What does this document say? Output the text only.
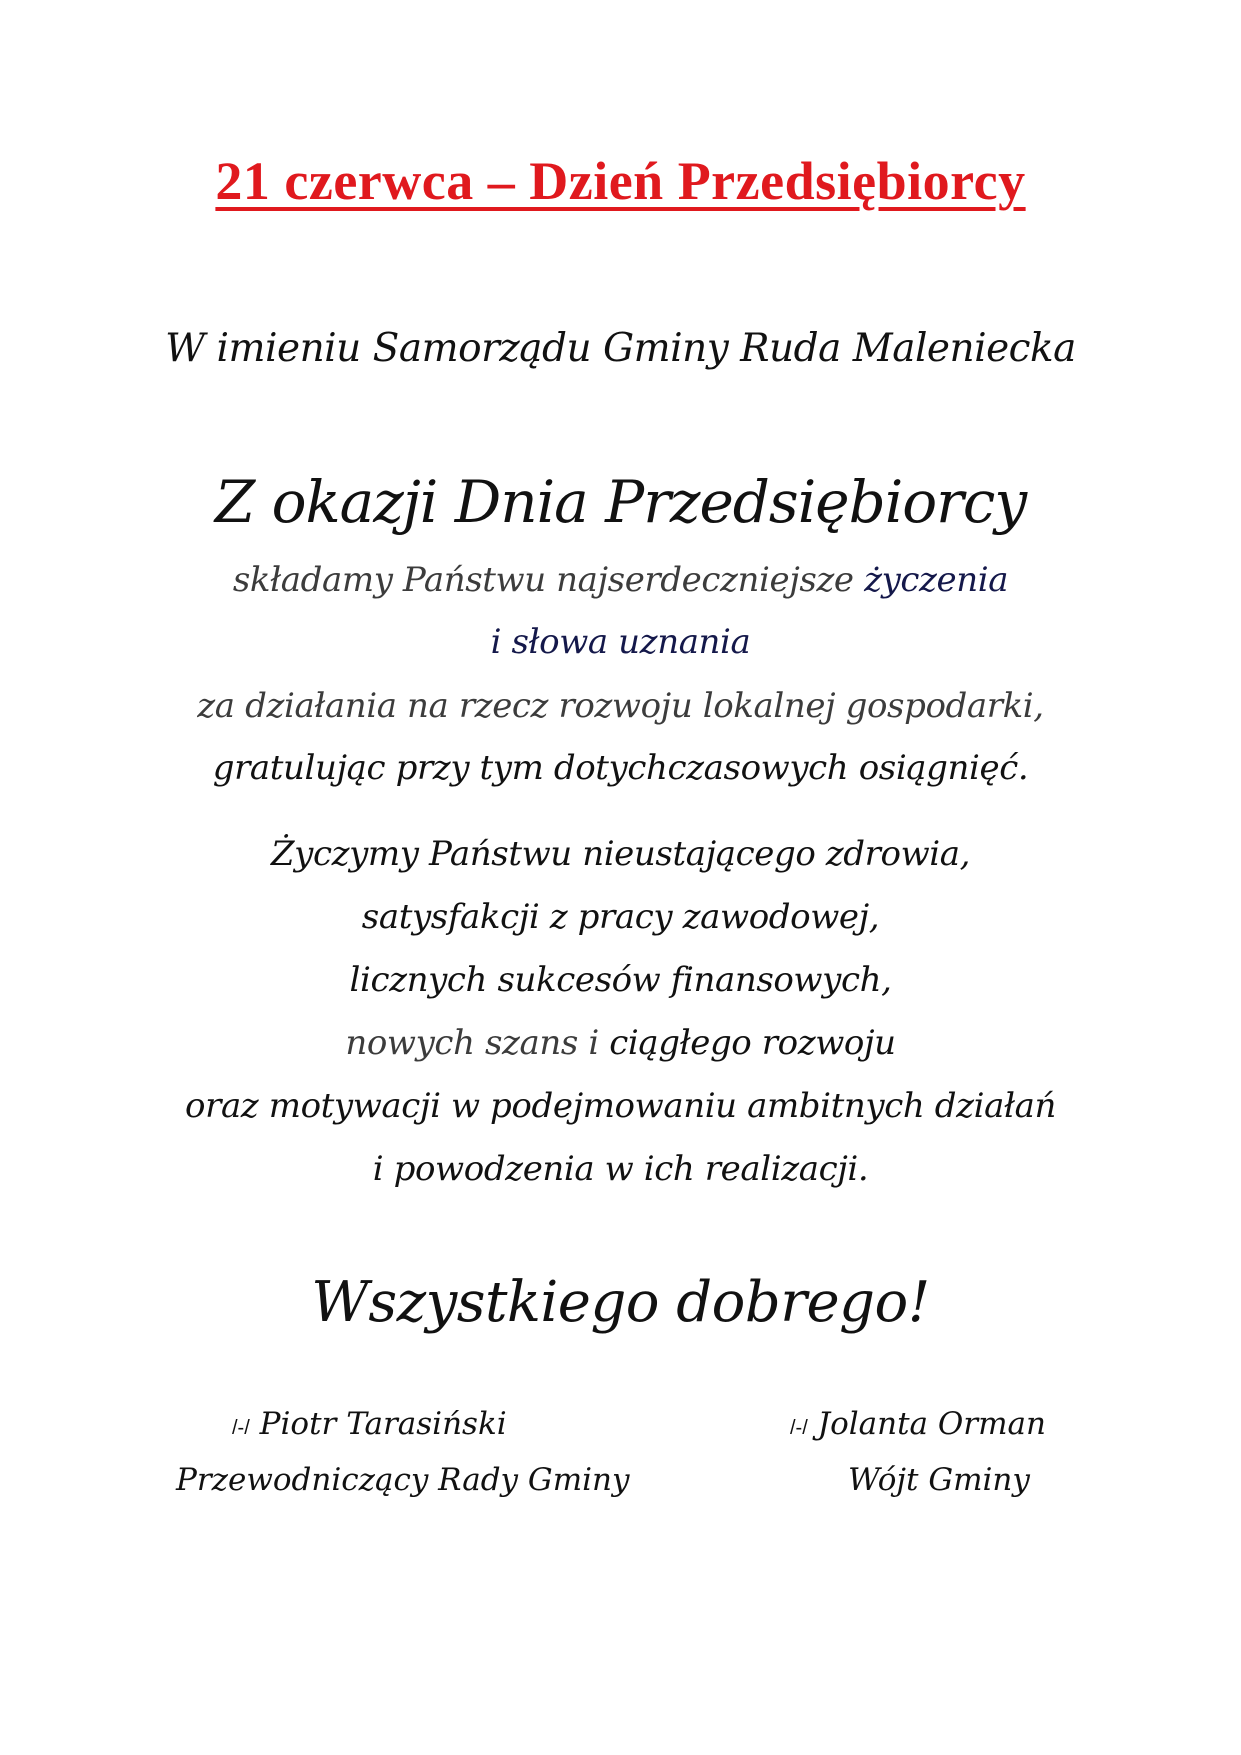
21 czerwca – Dzień Przedsiębiorcy
W imieniu Samorządu Gminy Ruda Maleniecka
Z okazji Dnia Przedsiębiorcy
składamy Państwu najserdeczniejsze życzenia
i słowa uznania
za działania na rzecz rozwoju lokalnej gospodarki,
gratulując przy tym dotychczasowych osiągnięć.
Życzymy Państwu nieustającego zdrowia,
satysfakcji z pracy zawodowej,
licznych sukcesów finansowych,
nowych szans i ciągłego rozwoju
oraz motywacji w podejmowaniu ambitnych działań
i powodzenia w ich realizacji.
Wszystkiego dobrego!
/-/ Piotr Tarasiński
Przewodniczący Rady Gminy
/-/ Jolanta Orman
Wójt Gminy
